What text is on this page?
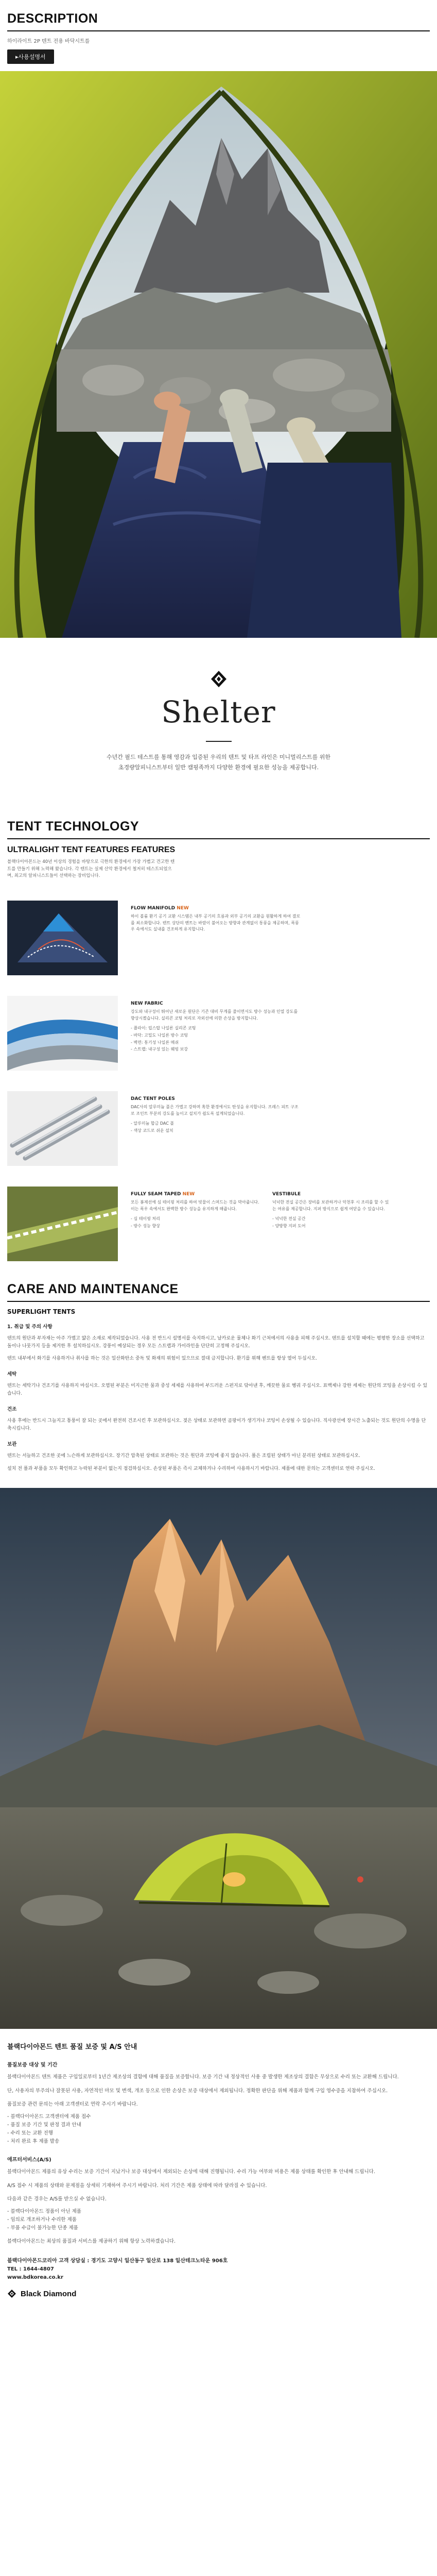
DESCRIPTION
하이라이트 2P 텐트 전용 바닥시트를
▸ 사용설명서
Shelter
수년간 필드 테스트를 통해 영감과 입증된 우리의 텐트 및 타프 라인은 미니멀리스트를 위한
초경량알피니스트부터 일반 캠핑족까지 다양한 환경에 필요한 성능을 제공합니다.
TENT TECHNOLOGY
ULTRALIGHT TENT FEATURES FEATURES
블랙다이아몬드는 40년 이상의 경험을 바탕으로 극한의 환경에서 가장 가볍고 견고한 텐트를 만들기 위해 노력해 왔습니다. 각 텐트는 실제 산악 환경에서 철저히 테스트되었으며, 최고의 알피니스트들이 선택하는 장비입니다.
FLOW MANIFOLD NEW
하이 볼륨 환기 공기 교환 시스템은 내부 공기의 흐름과 외부 공기의 교환을 원활하게 하여 결로를 최소화합니다. 텐트 상단의 벤트는 바람이 불어오는 방향과 관계없이 통풍을 제공하며, 폭풍우 속에서도 실내를 건조하게 유지합니다.
NEW FABRIC
강도와 내구성이 뛰어난 새로운 원단은 기존 대비 무게를 줄이면서도 방수 성능과 인열 강도를 향상시켰습니다. 실리콘 코팅 처리로 자외선에 의한 손상을 방지합니다.
- 플라이: 립스탑 나일론 실리콘 코팅
- 바닥: 고밀도 나일론 방수 코팅
- 벽면: 통기성 나일론 메쉬
- 스트랩: 내구성 있는 웨빙 보강
DAC TENT POLES
DAC사의 알루미늄 폴은 가볍고 강하며 혹한 환경에서도 탄성을 유지합니다. 프레스 피트 구조로 조인트 부분의 강도를 높이고 설치가 쉽도록 설계되었습니다.
- 알루미늄 합금 DAC 폴
- 색상 코드로 쉬운 설치
FULLY SEAM TAPED NEW
모든 봉제선에 심 테이핑 처리를 하여 빗물이 스며드는 것을 막아줍니다. 이는 폭우 속에서도 완벽한 방수 성능을 유지하게 해줍니다.
- 심 테이핑 처리
- 방수 성능 향상
VESTIBULE
넉넉한 전실 공간은 장비를 보관하거나 악천후 시 조리를 할 수 있는 여유를 제공합니다. 지퍼 방식으로 쉽게 여닫을 수 있습니다.
- 넉넉한 전실 공간
- 양방향 지퍼 도어
CARE AND MAINTENANCE
SUPERLIGHT TENTS
1. 취급 및 주의 사항
텐트의 원단과 부자재는 아주 가볍고 얇은 소재로 제작되었습니다. 사용 전 반드시 설명서를 숙지하시고, 날카로운 물체나 화기 근처에서의 사용을 피해 주십시오. 텐트를 설치할 때에는 평평한 장소를 선택하고 돌이나 나뭇가지 등을 제거한 후 설치하십시오. 강풍이 예상되는 경우 모든 스트랩과 가이라인을 단단히 고정해 주십시오.
텐트 내부에서 화기를 사용하거나 취사를 하는 것은 일산화탄소 중독 및 화재의 위험이 있으므로 절대 금지합니다. 환기를 위해 벤트를 항상 열어 두십시오.
세탁
텐트는 세탁기나 건조기를 사용하지 마십시오. 오염된 부분은 미지근한 물과 중성 세제를 사용하여 부드러운 스펀지로 닦아낸 후, 깨끗한 물로 헹궈 주십시오. 표백제나 강한 세제는 원단의 코팅을 손상시킬 수 있습니다.
건조
사용 후에는 반드시 그늘지고 통풍이 잘 되는 곳에서 완전히 건조시킨 후 보관하십시오. 젖은 상태로 보관하면 곰팡이가 생기거나 코팅이 손상될 수 있습니다. 직사광선에 장시간 노출되는 것도 원단의 수명을 단축시킵니다.
보관
텐트는 서늘하고 건조한 곳에 느슨하게 보관하십시오. 장기간 압축된 상태로 보관하는 것은 원단과 코팅에 좋지 않습니다. 폴은 조립된 상태가 아닌 분리된 상태로 보관하십시오.
설치 전 폴과 부품을 모두 확인하고 누락된 부분이 없는지 점검하십시오. 손상된 부품은 즉시 교체하거나 수리하여 사용하시기 바랍니다. 제품에 대한 문의는 고객센터로 연락 주십시오.
블랙다이아몬드 텐트 품질 보증 및 A/S 안내
품질보증 대상 및 기간
블랙다이아몬드 텐트 제품은 구입일로부터 1년간 제조상의 결함에 대해 품질을 보증합니다. 보증 기간 내 정상적인 사용 중 발생한 제조상의 결함은 무상으로 수리 또는 교환해 드립니다.
단, 사용자의 부주의나 잘못된 사용, 자연적인 마모 및 변색, 개조 등으로 인한 손상은 보증 대상에서 제외됩니다. 정확한 판단을 위해 제품과 함께 구입 영수증을 지참하여 주십시오.
품질보증 관련 문의는 아래 고객센터로 연락 주시기 바랍니다.
- 블랙다이아몬드 고객센터에 제품 접수
- 품질 보증 기간 및 판정 결과 안내
- 수리 또는 교환 진행
- 처리 완료 후 제품 발송
애프터서비스(A/S)
블랙다이아몬드 제품의 유상 수리는 보증 기간이 지났거나 보증 대상에서 제외되는 손상에 대해 진행됩니다. 수리 가능 여부와 비용은 제품 상태를 확인한 후 안내해 드립니다.
A/S 접수 시 제품의 상태와 문제점을 상세히 기재하여 주시기 바랍니다. 처리 기간은 제품 상태에 따라 달라질 수 있습니다.
다음과 같은 경우는 A/S를 받으실 수 없습니다.
- 블랙다이아몬드 정품이 아닌 제품
- 임의로 개조하거나 수리한 제품
- 부품 수급이 불가능한 단종 제품
블랙다이아몬드는 최상의 품질과 서비스를 제공하기 위해 항상 노력하겠습니다.
블랙다이아몬드코리아 고객 상담실 : 경기도 고양시 일산동구 일산로 138 일산테크노타운 906호
TEL : 1644-4807
www.bdkorea.co.kr
Black Diamond
